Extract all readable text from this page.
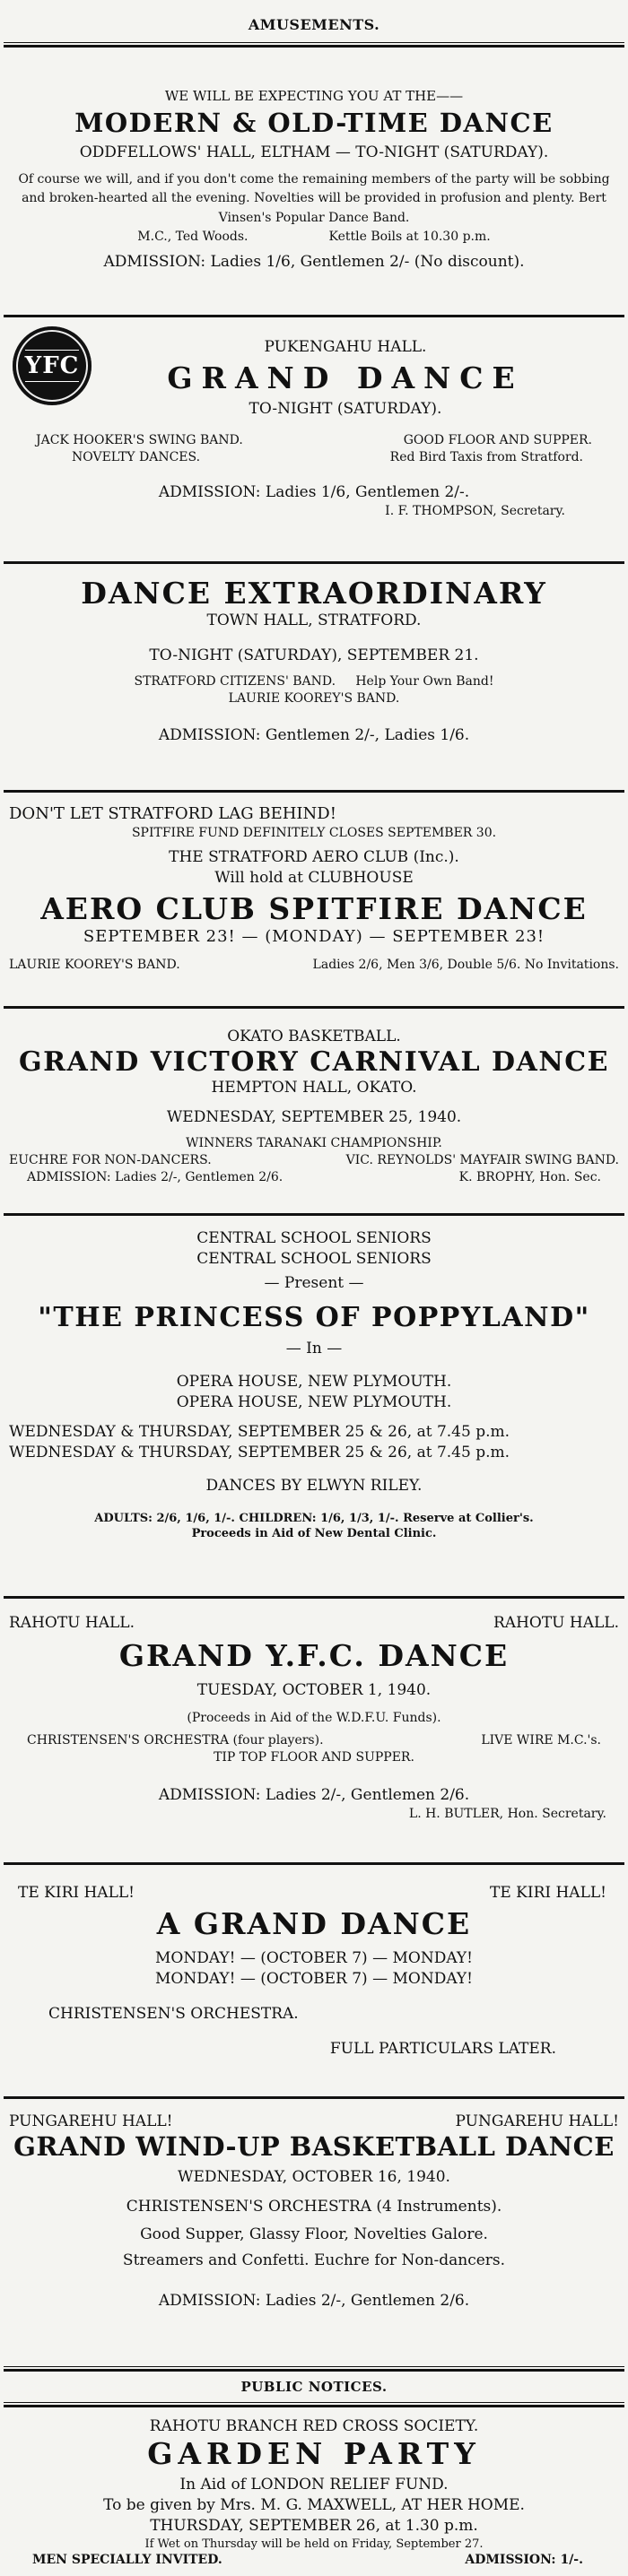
AMUSEMENTS.
WE WILL BE EXPECTING YOU AT THE——
MODERN & OLD-TIME DANCE
ODDFELLOWS' HALL, ELTHAM — TO-NIGHT (SATURDAY).
Of course we will, and if you don't come the remaining members of the party will be sobbing and broken-hearted all the evening. Novelties will be provided in profusion and plenty. Bert Vinsen's Popular Dance Band.
M.C., Ted Woods.	Kettle Boils at 10.30 p.m.
ADMISSION: Ladies 1/6, Gentlemen 2/- (No discount).
YFC
PUKENGAHU HALL.
GRAND DANCE
TO-NIGHT (SATURDAY).
JACK HOOKER'S SWING BAND.	GOOD FLOOR AND SUPPER.
NOVELTY DANCES.	Red Bird Taxis from Stratford.
ADMISSION: Ladies 1/6, Gentlemen 2/-.
I. F. THOMPSON, Secretary.
DANCE EXTRAORDINARY
TOWN HALL, STRATFORD.
TO-NIGHT (SATURDAY), SEPTEMBER 21.
STRATFORD CITIZENS' BAND. Help Your Own Band!
LAURIE KOOREY'S BAND.
ADMISSION: Gentlemen 2/-, Ladies 1/6.
DON'T LET STRATFORD LAG BEHIND!
SPITFIRE FUND DEFINITELY CLOSES SEPTEMBER 30.
THE STRATFORD AERO CLUB (Inc.).
Will hold at CLUBHOUSE
AERO CLUB SPITFIRE DANCE
SEPTEMBER 23! — (MONDAY) — SEPTEMBER 23!
LAURIE KOOREY'S BAND.	Ladies 2/6, Men 3/6, Double 5/6. No Invitations.
OKATO BASKETBALL.
GRAND VICTORY CARNIVAL DANCE
HEMPTON HALL, OKATO.
WEDNESDAY, SEPTEMBER 25, 1940.
WINNERS TARANAKI CHAMPIONSHIP.
EUCHRE FOR NON-DANCERS.	VIC. REYNOLDS' MAYFAIR SWING BAND.
ADMISSION: Ladies 2/-, Gentlemen 2/6.	K. BROPHY, Hon. Sec.
CENTRAL SCHOOL SENIORS
CENTRAL SCHOOL SENIORS
— Present —
"THE PRINCESS OF POPPYLAND"
— In —
OPERA HOUSE, NEW PLYMOUTH.
OPERA HOUSE, NEW PLYMOUTH.
WEDNESDAY & THURSDAY, SEPTEMBER 25 & 26, at 7.45 p.m.
WEDNESDAY & THURSDAY, SEPTEMBER 25 & 26, at 7.45 p.m.
DANCES BY ELWYN RILEY.
ADULTS: 2/6, 1/6, 1/-. CHILDREN: 1/6, 1/3, 1/-. Reserve at Collier's.
Proceeds in Aid of New Dental Clinic.
RAHOTU HALL.	RAHOTU HALL.
GRAND Y.F.C. DANCE
TUESDAY, OCTOBER 1, 1940.
(Proceeds in Aid of the W.D.F.U. Funds).
CHRISTENSEN'S ORCHESTRA (four players).	LIVE WIRE M.C.'s.
TIP TOP FLOOR AND SUPPER.
ADMISSION: Ladies 2/-, Gentlemen 2/6.
L. H. BUTLER, Hon. Secretary.
TE KIRI HALL!	TE KIRI HALL!
A GRAND DANCE
MONDAY! — (OCTOBER 7) — MONDAY!
MONDAY! — (OCTOBER 7) — MONDAY!
CHRISTENSEN'S ORCHESTRA.
FULL PARTICULARS LATER.
PUNGAREHU HALL!	PUNGAREHU HALL!
GRAND WIND-UP BASKETBALL DANCE
WEDNESDAY, OCTOBER 16, 1940.
CHRISTENSEN'S ORCHESTRA (4 Instruments).
Good Supper, Glassy Floor, Novelties Galore.
Streamers and Confetti. Euchre for Non-dancers.
ADMISSION: Ladies 2/-, Gentlemen 2/6.
PUBLIC NOTICES.
RAHOTU BRANCH RED CROSS SOCIETY.
GARDEN PARTY
In Aid of LONDON RELIEF FUND.
To be given by Mrs. M. G. MAXWELL, AT HER HOME.
THURSDAY, SEPTEMBER 26, at 1.30 p.m.
If Wet on Thursday will be held on Friday, September 27.
MEN SPECIALLY INVITED.	ADMISSION: 1/-.
